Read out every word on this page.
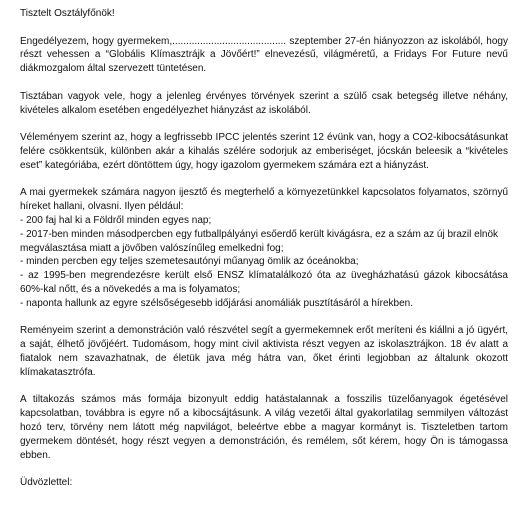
Tisztelt Osztályfőnök!

Engedélyezem, hogy gyermekem,......................................... szeptember 27-én hiányozzon az iskolából, hogy részt vehessen a “Globális Klímasztrájk a Jövőért!” elnevezésű, világméretű, a Fridays For Future nevű diákmozgalom által szervezett tüntetésen.

Tisztában vagyok vele, hogy a jelenleg érvényes törvények szerint a szülő csak betegség illetve néhány, kivételes alkalom esetében engedélyezhet hiányzást az iskolából.

Véleményem szerint az, hogy a legfrissebb IPCC jelentés szerint 12 évünk van, hogy a CO2-kibocsátásunkat felére csökkentsük, különben akár a kihalás szélére sodorjuk az emberiséget, jócskán beleesik a “kivételes eset” kategóriába, ezért döntöttem úgy, hogy igazolom gyermekem számára ezt a hiányzást.

A mai gyermekek számára nagyon ijesztő és megterhelő a környezetünkkel kapcsolatos folyamatos, szörnyű híreket hallani, olvasni. Ilyen például:

- 200 faj hal ki a Földről minden egyes nap;

- 2017-ben minden másodpercben egy futballpályányi esőerdő került kivágásra, ez a szám az új brazil elnök megválasztása miatt a jövőben valószínűleg emelkedni fog;

- minden percben egy teljes szemetesautónyi műanyag ömlik az óceánokba;

- az 1995-ben megrendezésre került első ENSZ klímatalálkozó óta az üvegházhatású gázok kibocsátása 60%-kal nőtt, és a növekedés a ma is folyamatos;

- naponta hallunk az egyre szélsőségesebb időjárási anomáliák pusztításáról a hírekben.

Reményeim szerint a demonstráción való részvétel segít a gyermekemnek erőt meríteni és kiállni a jó ügyért, a saját, élhető jövőjéért. Tudomásom, hogy mint civil aktivista részt vegyen az iskolasztrájkon. 18 év alatt a fiatalok nem szavazhatnak, de életük java még hátra van, őket érinti legjobban az általunk okozott klímakatasztrófa.

A tiltakozás számos más formája bizonyult eddig hatástalannak a fosszilis tüzelőanyagok égetésével kapcsolatban, továbbra is egyre nő a kibocsájtásunk. A világ vezetői által gyakorlatilag semmilyen változást hozó terv, törvény nem látott még napvilágot, beleértve ebbe a magyar kormányt is. Tiszteletben tartom gyermekem döntését, hogy részt vegyen a demonstráción, és remélem, sőt kérem, hogy Ön is támogassa ebben.

Üdvözlettel:
